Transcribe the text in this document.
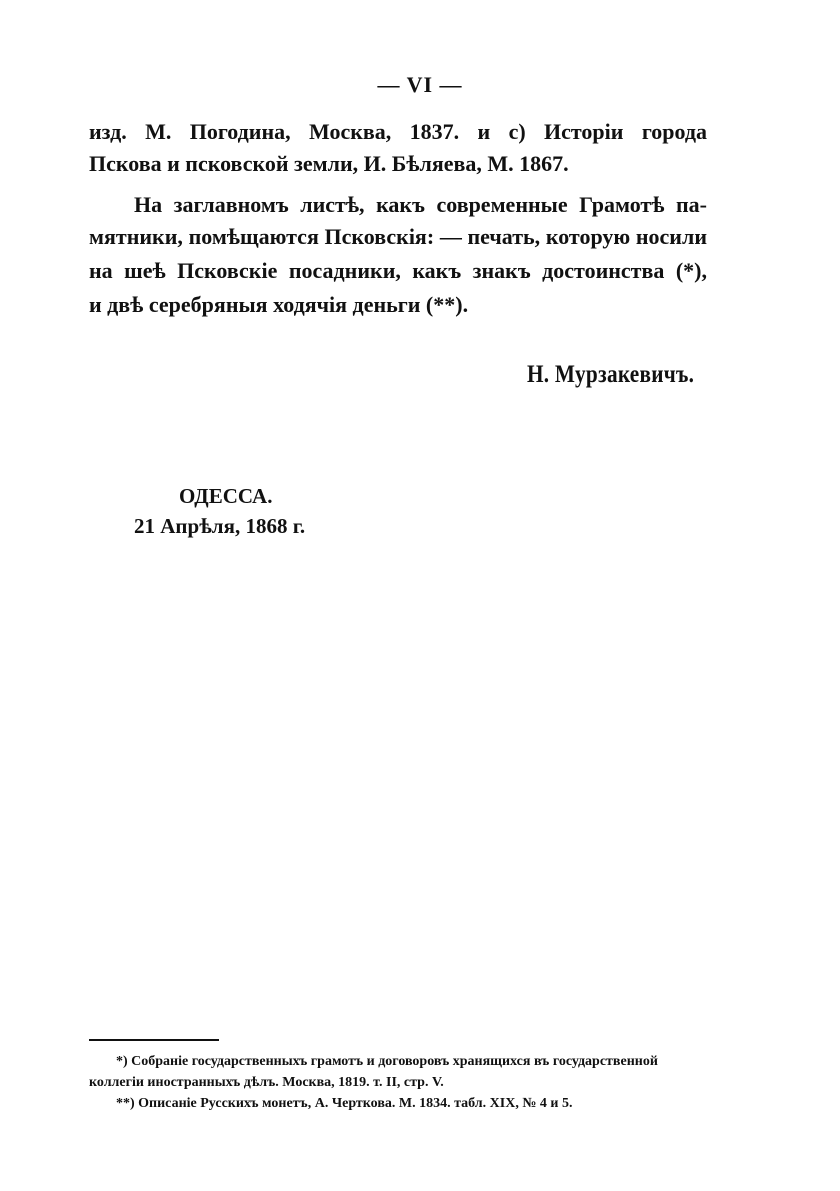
— VI —
изд. М. Погодина, Москва, 1837. и с) Исторіи города
Пскова и псковской земли, И. Бѣляева, М. 1867.
На заглавномъ листѣ, какъ современные Грамотѣ па-
мятники, помѣщаются Псковскія: — печать, которую носили
на шеѣ Псковскіе посадники, какъ знакъ достоинства (*),
и двѣ серебряныя ходячія деньги (**).
Н. Мурзакевичъ.
ОДЕССА.
21 Апрѣля, 1868 г.
*) Собраніе государственныхъ грамотъ и договоровъ хранящихся въ государственной
коллегіи иностранныхъ дѣлъ. Москва, 1819. т. II, стр. V.
**) Описаніе Русскихъ монетъ, А. Черткова. М. 1834. табл. XIX, № 4 и 5.
